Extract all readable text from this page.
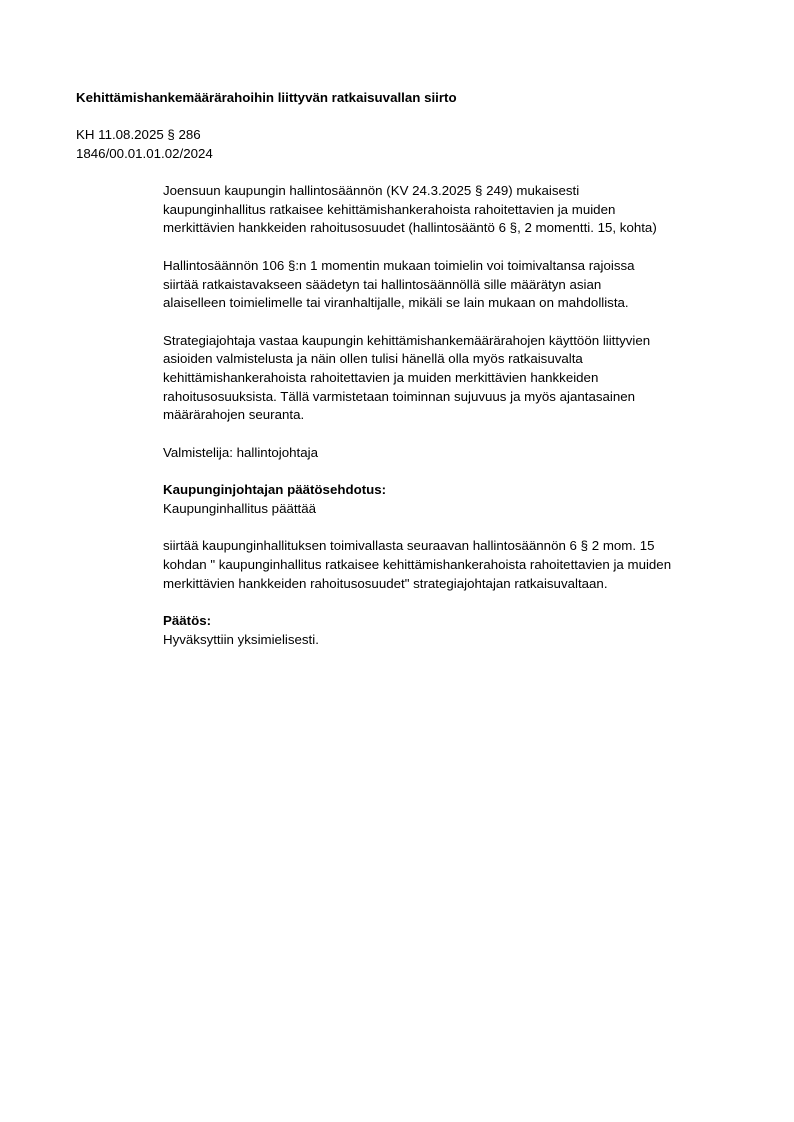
Kehittämishankemäärärahoihin liittyvän ratkaisuvallan siirto
KH 11.08.2025 § 286
1846/00.01.01.02/2024

Joensuun kaupungin hallintosäännön (KV 24.3.2025 § 249) mukaisesti
kaupunginhallitus ratkaisee kehittämishankerahoista rahoitettavien ja muiden
merkittävien hankkeiden rahoitusosuudet (hallintosääntö 6 §, 2 momentti. 15, kohta)

Hallintosäännön 106 §:n 1 momentin mukaan toimielin voi toimivaltansa rajoissa
siirtää ratkaistavakseen säädetyn tai hallintosäännöllä sille määrätyn asian
alaiselleen toimielimelle tai viranhaltijalle, mikäli se lain mukaan on mahdollista.

Strategiajohtaja vastaa kaupungin kehittämishankemäärärahojen käyttöön liittyvien
asioiden valmistelusta ja näin ollen tulisi hänellä olla myös ratkaisuvalta
kehittämishankerahoista rahoitettavien ja muiden merkittävien hankkeiden
rahoitusosuuksista. Tällä varmistetaan toiminnan sujuvuus ja myös ajantasainen
määrärahojen seuranta.

Valmistelija: hallintojohtaja

Kaupunginjohtajan päätösehdotus:
Kaupunginhallitus päättää

siirtää kaupunginhallituksen toimivallasta seuraavan hallintosäännön 6 § 2 mom. 15
kohdan " kaupunginhallitus ratkaisee kehittämishankerahoista rahoitettavien ja muiden
merkittävien hankkeiden rahoitusosuudet" strategiajohtajan ratkaisuvaltaan.

Päätös:
Hyväksyttiin yksimielisesti.
